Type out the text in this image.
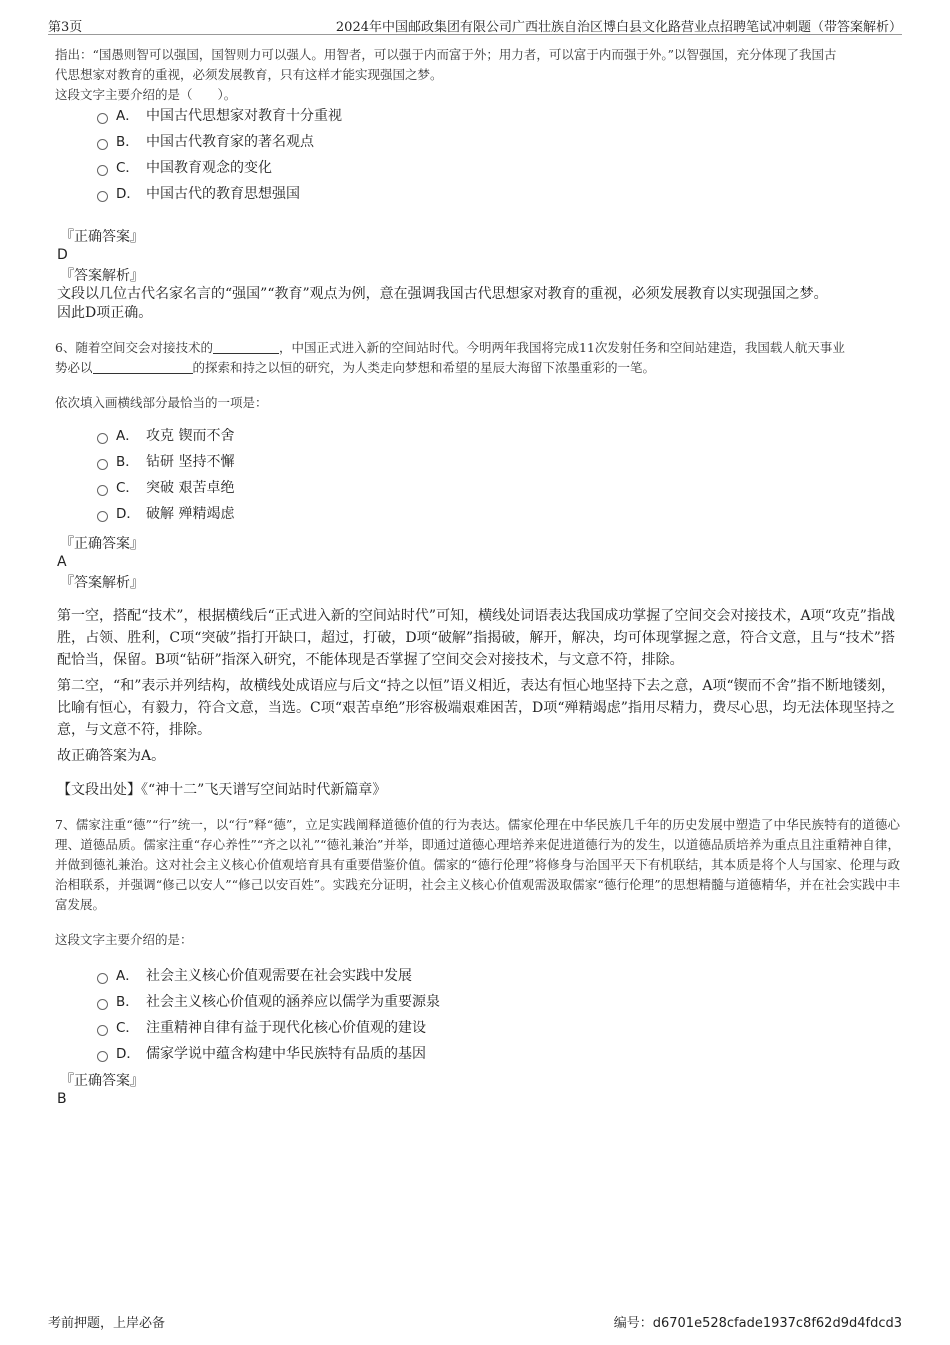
第3页	2024年中国邮政集团有限公司广西壮族自治区博白县文化路营业点招聘笔试冲刺题（带答案解析）

指出：“国愚则智可以强国，国智则力可以强人。用智者，可以强于内而富于外；用力者，可以富于内而强于外。”以智强国，充分体现了我国古

代思想家对教育的重视，必须发展教育，只有这样才能实现强国之梦。

这段文字主要介绍的是（　　）。

A． 中国古代思想家对教育十分重视
B． 中国古代教育家的著名观点
C． 中国教育观念的变化
D． 中国古代的教育思想强国
『正确答案』
D
『答案解析』

文段以几位古代名家名言的“强国”“教育”观点为例，意在强调我国古代思想家对教育的重视，必须发展教育以实现强国之梦。

因此D项正确。

6、随着空间交会对接技术的	，中国正式进入新的空间站时代。今明两年我国将完成11次发射任务和空间站建造，我国载人航天事业

势必以	的探索和持之以恒的研究，为人类走向梦想和希望的星辰大海留下浓墨重彩的一笔。

依次填入画横线部分最恰当的一项是：

A． 攻克 锲而不舍
B． 钻研 坚持不懈
C． 突破 艰苦卓绝
D． 破解 殚精竭虑
『正确答案』
A
『答案解析』

第一空，搭配“技术”，根据横线后“正式进入新的空间站时代”可知，横线处词语表达我国成功掌握了空间交会对接技术，A项“攻克”指战胜，占领、胜利，C项“突破”指打开缺口，超过，打破，D项“破解”指揭破，解开，解决，均可体现掌握之意，符合文意，且与“技术”搭配恰当，保留。B项“钻研”指深入研究，不能体现是否掌握了空间交会对接技术，与文意不符，排除。

第二空，“和”表示并列结构，故横线处成语应与后文“持之以恒”语义相近，表达有恒心地坚持下去之意，A项“锲而不舍”指不断地镂刻，比喻有恒心，有毅力，符合文意，当选。C项“艰苦卓绝”形容极端艰难困苦，D项“殚精竭虑”指用尽精力，费尽心思，均无法体现坚持之意，与文意不符，排除。

故正确答案为A。

【文段出处】《“神十二”飞天谱写空间站时代新篇章》

7、儒家注重“德”“行”统一，以“行”释“德”，立足实践阐释道德价值的行为表达。儒家伦理在中华民族几千年的历史发展中塑造了中华民族特有的道德心理、道德品质。儒家注重“存心养性”“齐之以礼”“德礼兼治”并举，即通过道德心理培养来促进道德行为的发生，以道德品质培养为重点且注重精神自律，并做到德礼兼治。这对社会主义核心价值观培育具有重要借鉴价值。儒家的“德行伦理”将修身与治国平天下有机联结，其本质是将个人与国家、伦理与政治相联系，并强调“修己以安人”“修己以安百姓”。实践充分证明，社会主义核心价值观需汲取儒家“德行伦理”的思想精髓与道德精华，并在社会实践中丰富发展。

这段文字主要介绍的是：

A． 社会主义核心价值观需要在社会实践中发展
B． 社会主义核心价值观的涵养应以儒学为重要源泉
C． 注重精神自律有益于现代化核心价值观的建设
D． 儒家学说中蕴含构建中华民族特有品质的基因
『正确答案』
B
考前押题，上岸必备	编号：d6701e528cfade1937c8f62d9d4fdcd3
